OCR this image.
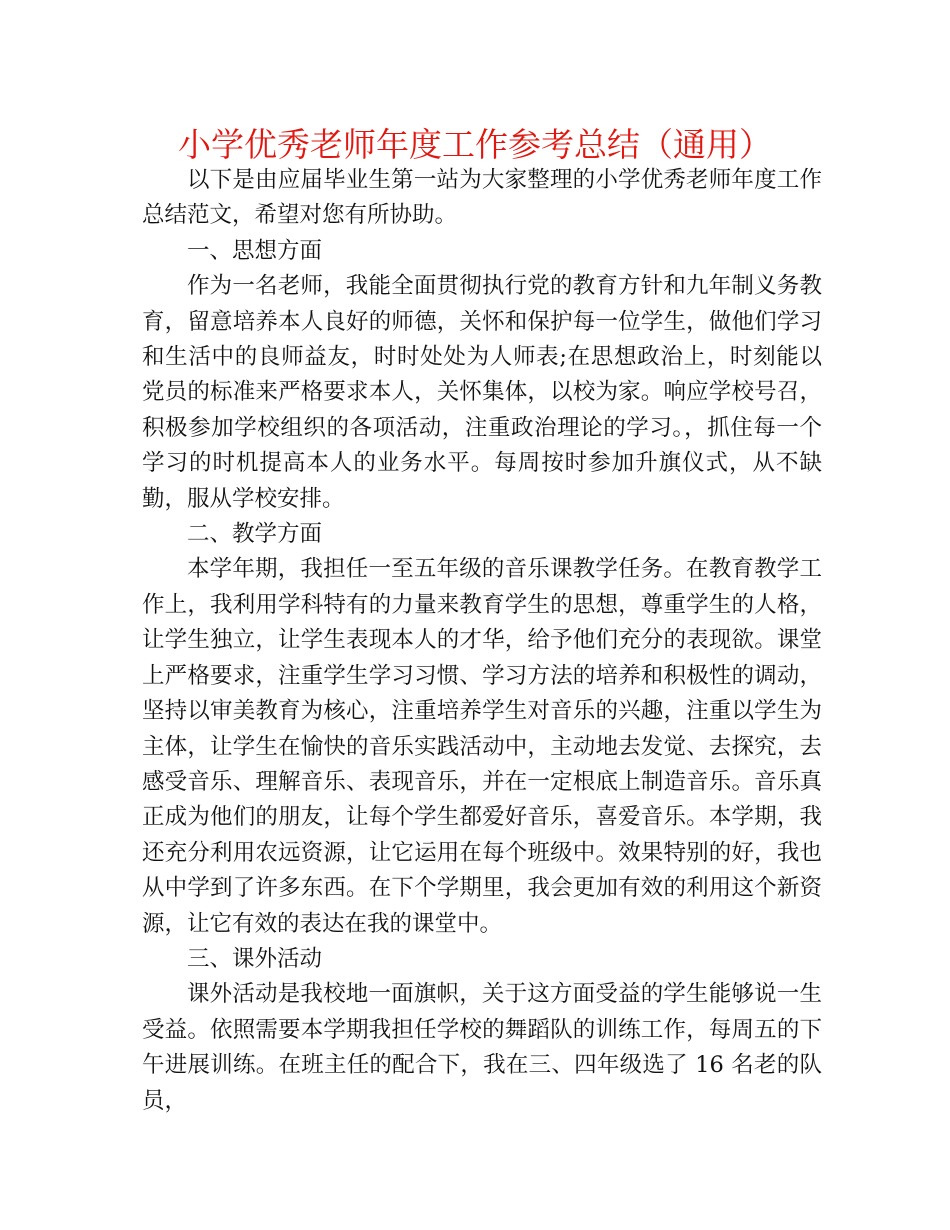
小学优秀老师年度工作参考总结（通用）

以下是由应届毕业生第一站为大家整理的小学优秀老师年度工作总结范文，希望对您有所协助。

一、思想方面

作为一名老师，我能全面贯彻执行党的教育方针和九年制义务教育，留意培养本人良好的师德，关怀和保护每一位学生，做他们学习和生活中的良师益友，时时处处为人师表;在思想政治上，时刻能以党员的标准来严格要求本人，关怀集体，以校为家。响应学校号召，积极参加学校组织的各项活动，注重政治理论的学习。，抓住每一个学习的时机提高本人的业务水平。每周按时参加升旗仪式，从不缺勤，服从学校安排。

二、教学方面

本学年期，我担任一至五年级的音乐课教学任务。在教育教学工作上，我利用学科特有的力量来教育学生的思想，尊重学生的人格，让学生独立，让学生表现本人的才华，给予他们充分的表现欲。课堂上严格要求，注重学生学习习惯、学习方法的培养和积极性的调动，坚持以审美教育为核心，注重培养学生对音乐的兴趣，注重以学生为主体，让学生在愉快的音乐实践活动中，主动地去发觉、去探究，去感受音乐、理解音乐、表现音乐，并在一定根底上制造音乐。音乐真正成为他们的朋友，让每个学生都爱好音乐，喜爱音乐。本学期，我还充分利用农远资源，让它运用在每个班级中。效果特别的好，我也从中学到了许多东西。在下个学期里，我会更加有效的利用这个新资源，让它有效的表达在我的课堂中。

三、课外活动

课外活动是我校地一面旗帜，关于这方面受益的学生能够说一生受益。依照需要本学期我担任学校的舞蹈队的训练工作，每周五的下午进展训练。在班主任的配合下，我在三、四年级选了 16 名老的队员，
